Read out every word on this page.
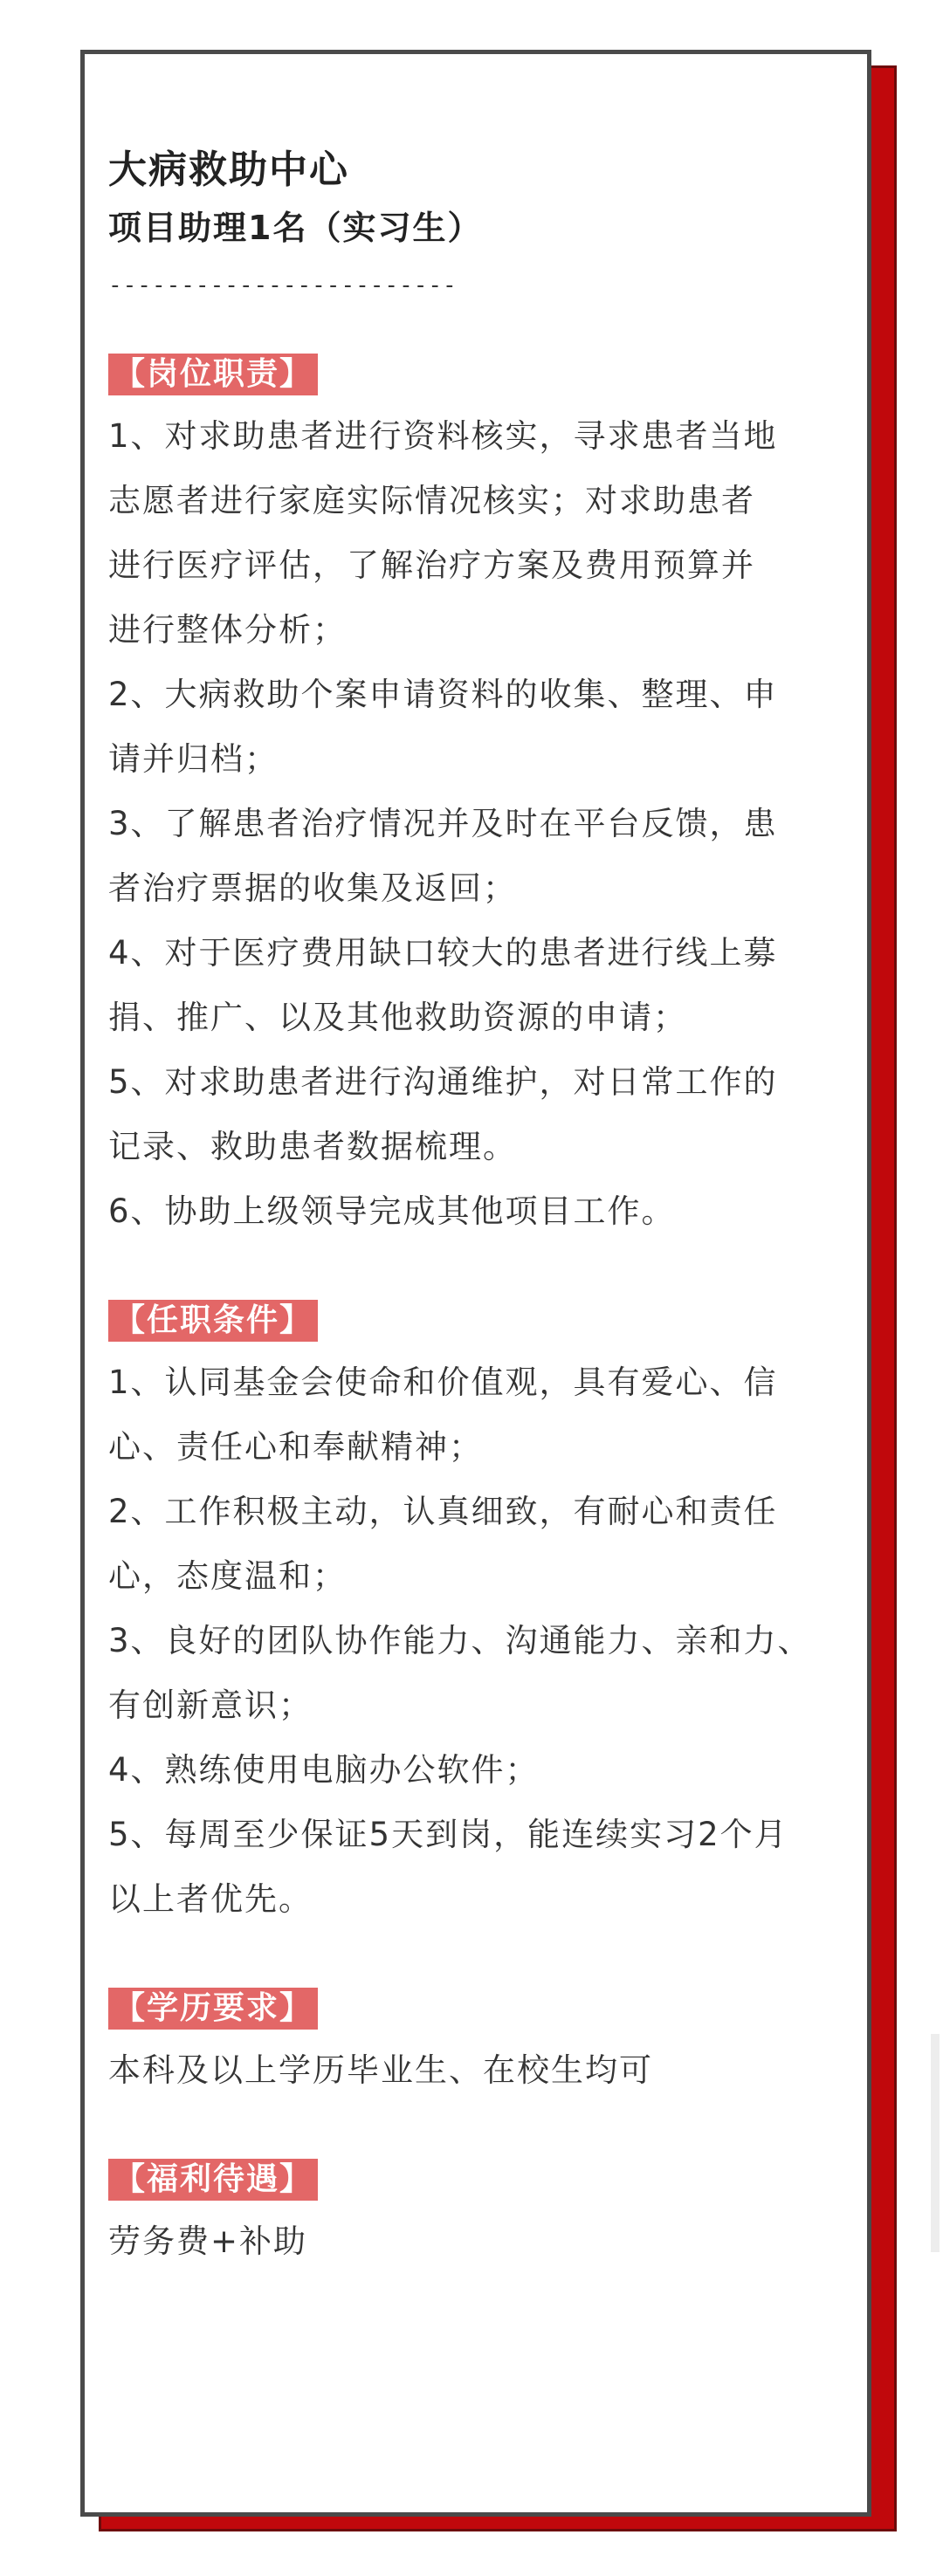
大病救助中心
项目助理1名（实习生）
------------------------
【岗位职责】

1、对求助患者进行资料核实，寻求患者当地

志愿者进行家庭实际情况核实；对求助患者

进行医疗评估，了解治疗方案及费用预算并

进行整体分析；

2、大病救助个案申请资料的收集、整理、申

请并归档；

3、了解患者治疗情况并及时在平台反馈，患

者治疗票据的收集及返回；

4、对于医疗费用缺口较大的患者进行线上募

捐、推广、以及其他救助资源的申请；

5、对求助患者进行沟通维护，对日常工作的

记录、救助患者数据梳理。

6、协助上级领导完成其他项目工作。

【任职条件】

1、认同基金会使命和价值观，具有爱心、信

心、责任心和奉献精神；

2、工作积极主动，认真细致，有耐心和责任

心，态度温和；

3、良好的团队协作能力、沟通能力、亲和力、

有创新意识；

4、熟练使用电脑办公软件；

5、每周至少保证5天到岗，能连续实习2个月

以上者优先。

【学历要求】

本科及以上学历毕业生、在校生均可

【福利待遇】

劳务费+补助
